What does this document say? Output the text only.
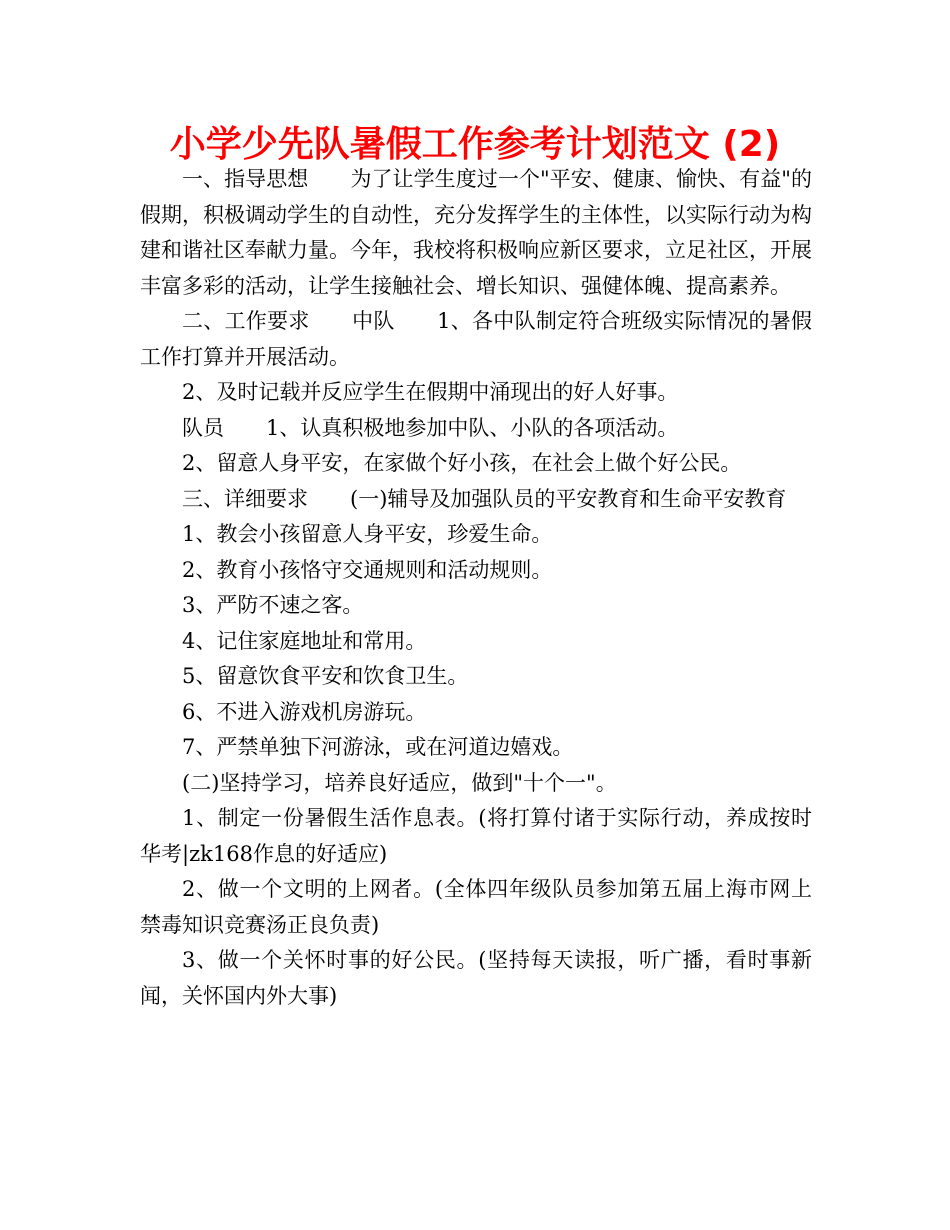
小学少先队暑假工作参考计划范文 (2)

一、指导思想　　为了让学生度过一个"平安、健康、愉快、有益"的假期，积极调动学生的自动性，充分发挥学生的主体性，以实际行动为构建和谐社区奉献力量。今年，我校将积极响应新区要求，立足社区，开展丰富多彩的活动，让学生接触社会、增长知识、强健体魄、提高素养。

二、工作要求　　中队　　1、各中队制定符合班级实际情况的暑假工作打算并开展活动。

2、及时记载并反应学生在假期中涌现出的好人好事。

队员　　1、认真积极地参加中队、小队的各项活动。

2、留意人身平安，在家做个好小孩，在社会上做个好公民。

三、详细要求　　(一)辅导及加强队员的平安教育和生命平安教育

1、教会小孩留意人身平安，珍爱生命。

2、教育小孩恪守交通规则和活动规则。

3、严防不速之客。

4、记住家庭地址和常用。

5、留意饮食平安和饮食卫生。

6、不进入游戏机房游玩。

7、严禁单独下河游泳，或在河道边嬉戏。

(二)坚持学习，培养良好适应，做到"十个一"。

1、制定一份暑假生活作息表。(将打算付诸于实际行动，养成按时华考|zk168作息的好适应)

2、做一个文明的上网者。(全体四年级队员参加第五届上海市网上禁毒知识竞赛汤正良负责)

3、做一个关怀时事的好公民。(坚持每天读报，听广播，看时事新闻，关怀国内外大事)
